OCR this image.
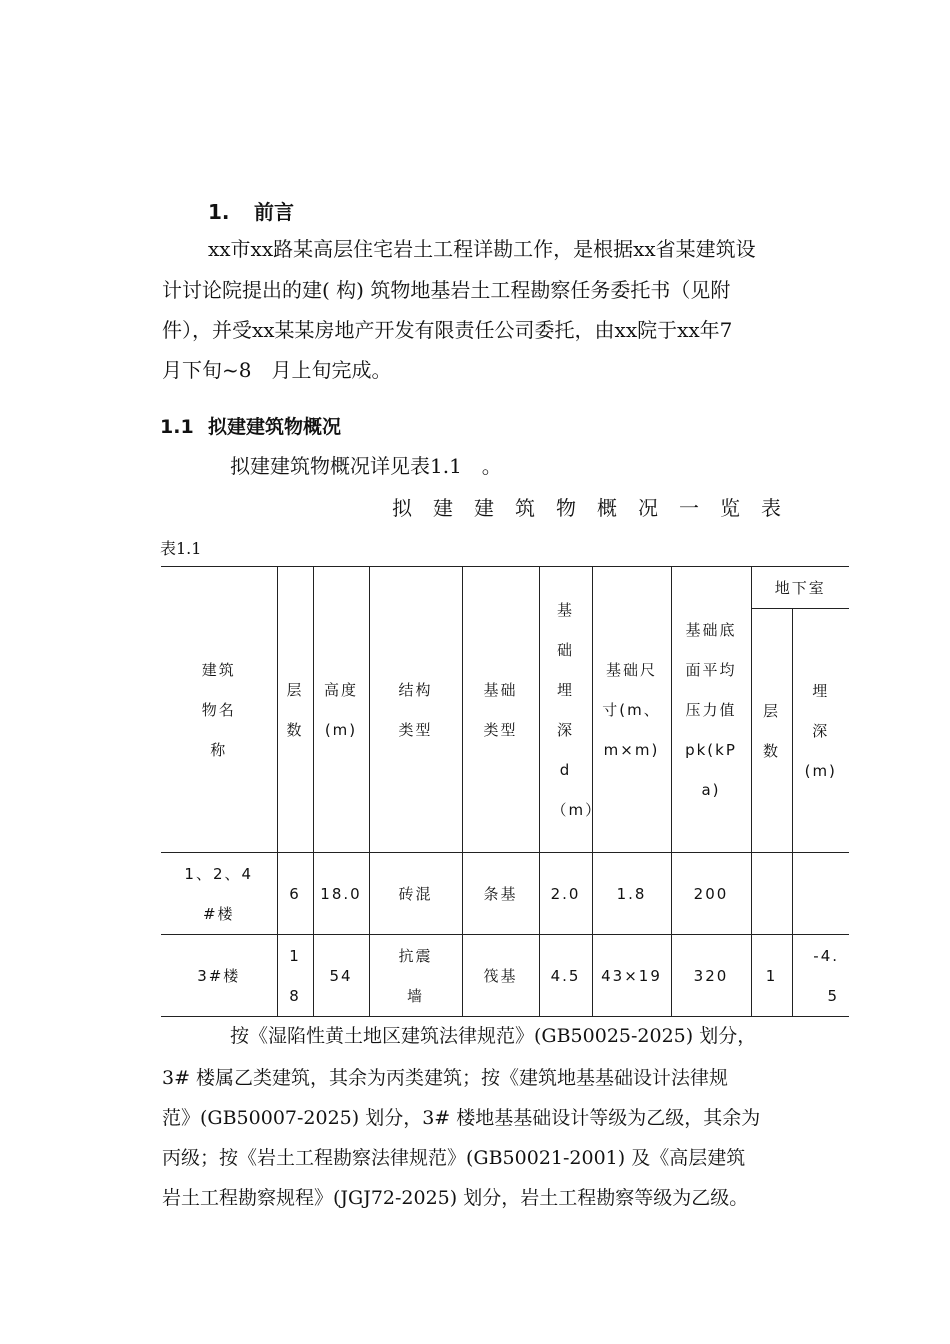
1. 前言
xx市xx路某高层住宅岩土工程详勘工作，是根据xx省某建筑设
计讨论院提出的建( 构) 筑物地基岩土工程勘察任务委托书（见附
件），并受xx某某房地产开发有限责任公司委托，由xx院于xx年7
月下旬~8　月上旬完成。
1.1 拟建建筑物概况
拟建建筑物概况详见表1.1　。
拟建建筑物概况一览表
表1.1
建筑物名称	层数	高度(m)	结构类型	基础类型	基础埋深d（m）	基础尺寸(m、m×m)	基础底面平均压力值pk(kPa)	地下室	
								层数	埋深(m)
1、2、4#楼	6	18.0	砖混	条基	2.0	1.8	200		
3#楼	18	54	抗震墙	筏基	4.5	43×19	320	1	-4.5
按《湿陷性黄土地区建筑法律规范》(GB50025-2025) 划分，
3# 楼属乙类建筑，其余为丙类建筑；按《建筑地基基础设计法律规
范》(GB50007-2025) 划分，3# 楼地基基础设计等级为乙级，其余为
丙级；按《岩土工程勘察法律规范》(GB50021-2001) 及《高层建筑
岩土工程勘察规程》(JGJ72-2025) 划分，岩土工程勘察等级为乙级。
